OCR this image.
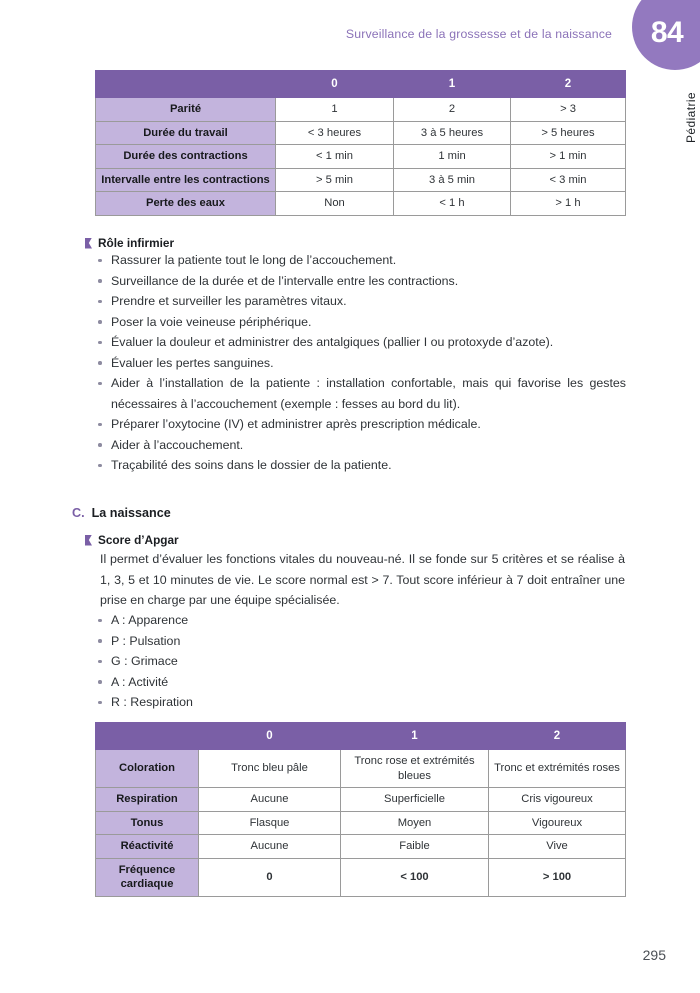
Surveillance de la grossesse et de la naissance 84
Pédiatrie
	0	1	2
Parité	1	2	> 3
Durée du travail	< 3 heures	3 à 5 heures	> 5 heures
Durée des contractions	< 1 min	1 min	> 1 min
Intervalle entre les contractions	> 5 min	3 à 5 min	< 3 min
Perte des eaux	Non	< 1 h	> 1 h
Rôle infirmier
Rassurer la patiente tout le long de l’accouchement.
Surveillance de la durée et de l’intervalle entre les contractions.
Prendre et surveiller les paramètres vitaux.
Poser la voie veineuse périphérique.
Évaluer la douleur et administrer des antalgiques (pallier I ou protoxyde d’azote).
Évaluer les pertes sanguines.
Aider à l’installation de la patiente : installation confortable, mais qui favorise les gestes nécessaires à l’accouchement (exemple : fesses au bord du lit).
Préparer l’oxytocine (IV) et administrer après prescription médicale.
Aider à l’accouchement.
Traçabilité des soins dans le dossier de la patiente.
C. La naissance
Score d’Apgar
Il permet d’évaluer les fonctions vitales du nouveau-né. Il se fonde sur 5 critères et se réalise à 1, 3, 5 et 10 minutes de vie. Le score normal est > 7. Tout score inférieur à 7 doit entraîner une prise en charge par une équipe spécialisée.
A : Apparence
P : Pulsation
G : Grimace
A : Activité
R : Respiration
	0	1	2
Coloration	Tronc bleu pâle	Tronc rose et extrémités bleues	Tronc et extrémités roses
Respiration	Aucune	Superficielle	Cris vigoureux
Tonus	Flasque	Moyen	Vigoureux
Réactivité	Aucune	Faible	Vive
Fréquence cardiaque	0	< 100	> 100
295
